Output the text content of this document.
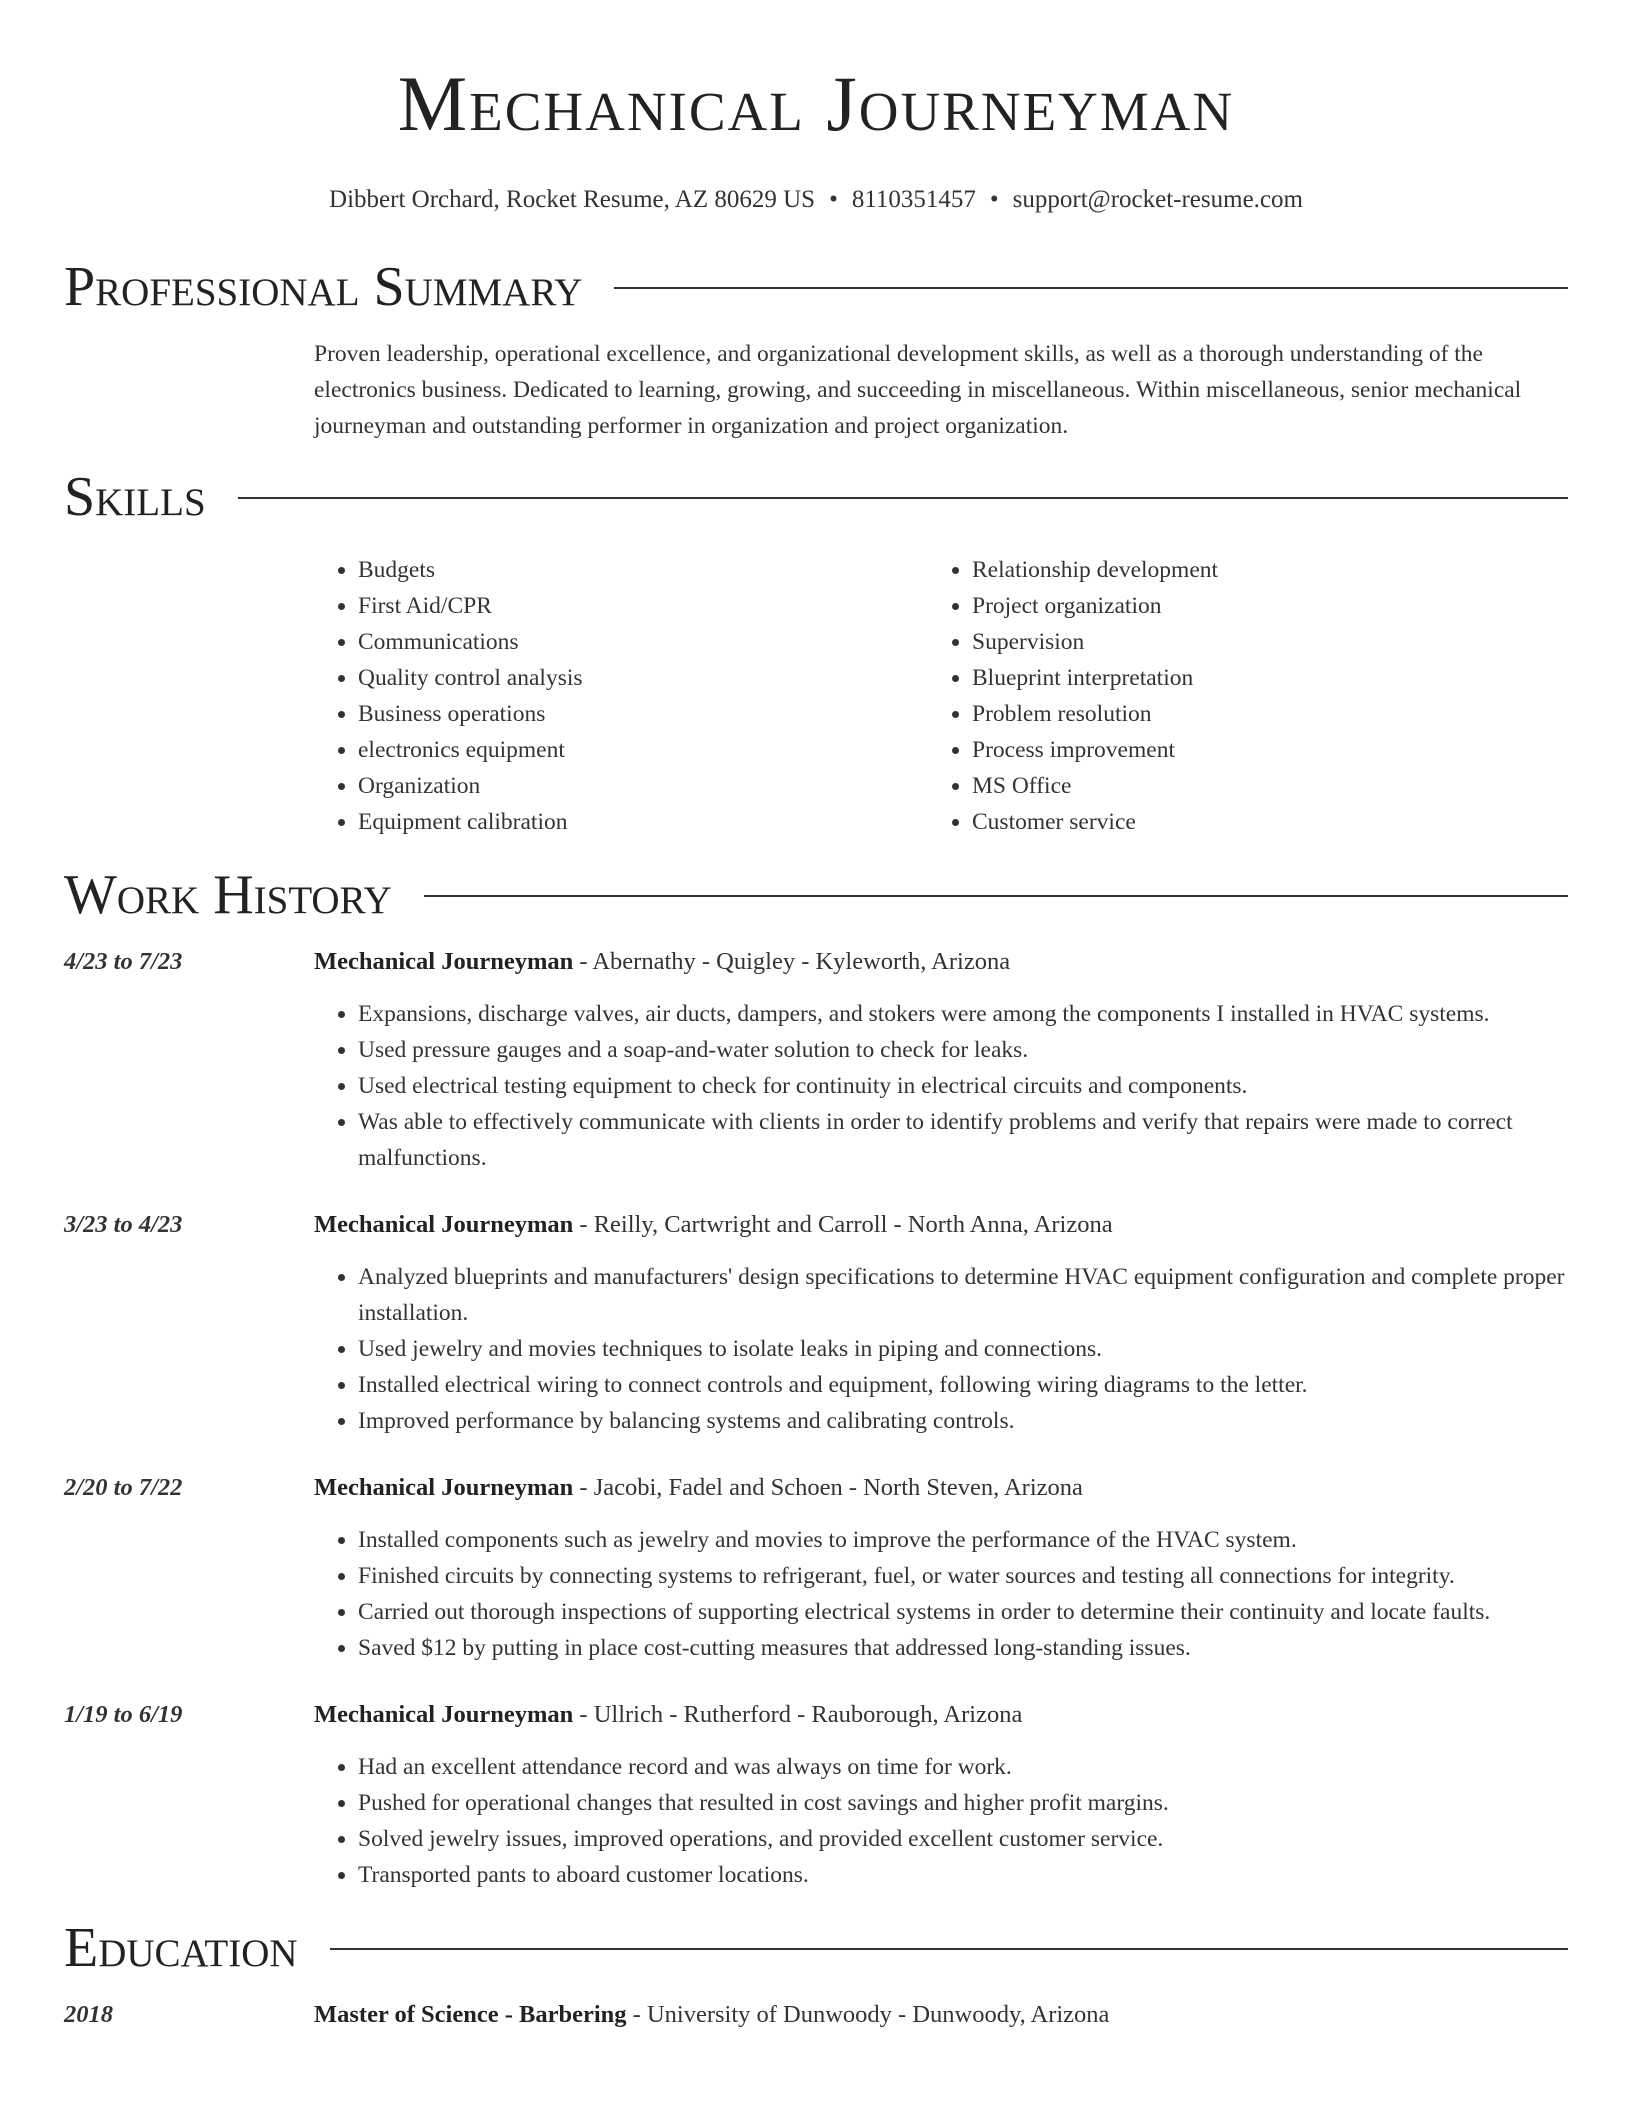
Mechanical Journeyman
Dibbert Orchard, Rocket Resume, AZ 80629 US • 8110351457 • support@rocket-resume.com
Professional Summary
Proven leadership, operational excellence, and organizational development skills, as well as a thorough understanding of the electronics business. Dedicated to learning, growing, and succeeding in miscellaneous. Within miscellaneous, senior mechanical journeyman and outstanding performer in organization and project organization.
Skills
• Budgets
• First Aid/CPR
• Communications
• Quality control analysis
• Business operations
• electronics equipment
• Organization
• Equipment calibration
• Relationship development
• Project organization
• Supervision
• Blueprint interpretation
• Problem resolution
• Process improvement
• MS Office
• Customer service
Work History
4/23 to 7/23	Mechanical Journeyman - Abernathy - Quigley - Kyleworth, Arizona
• Expansions, discharge valves, air ducts, dampers, and stokers were among the components I installed in HVAC systems.
• Used pressure gauges and a soap-and-water solution to check for leaks.
• Used electrical testing equipment to check for continuity in electrical circuits and components.
• Was able to effectively communicate with clients in order to identify problems and verify that repairs were made to correct malfunctions.
3/23 to 4/23	Mechanical Journeyman - Reilly, Cartwright and Carroll - North Anna, Arizona
• Analyzed blueprints and manufacturers' design specifications to determine HVAC equipment configuration and complete proper installation.
• Used jewelry and movies techniques to isolate leaks in piping and connections.
• Installed electrical wiring to connect controls and equipment, following wiring diagrams to the letter.
• Improved performance by balancing systems and calibrating controls.
2/20 to 7/22	Mechanical Journeyman - Jacobi, Fadel and Schoen - North Steven, Arizona
• Installed components such as jewelry and movies to improve the performance of the HVAC system.
• Finished circuits by connecting systems to refrigerant, fuel, or water sources and testing all connections for integrity.
• Carried out thorough inspections of supporting electrical systems in order to determine their continuity and locate faults.
• Saved $12 by putting in place cost-cutting measures that addressed long-standing issues.
1/19 to 6/19	Mechanical Journeyman - Ullrich - Rutherford - Rauborough, Arizona
• Had an excellent attendance record and was always on time for work.
• Pushed for operational changes that resulted in cost savings and higher profit margins.
• Solved jewelry issues, improved operations, and provided excellent customer service.
• Transported pants to aboard customer locations.
Education
2018	Master of Science - Barbering - University of Dunwoody - Dunwoody, Arizona
